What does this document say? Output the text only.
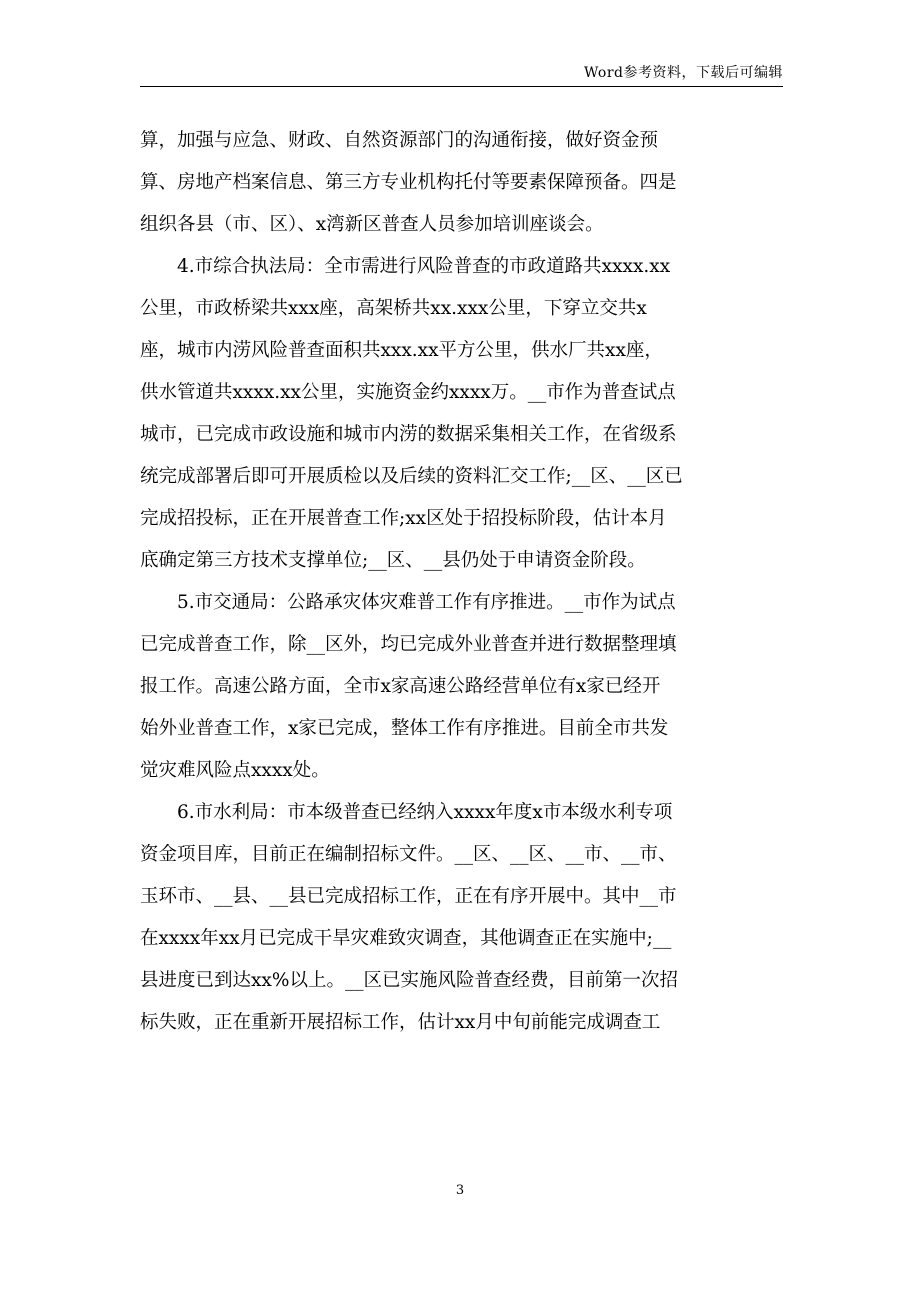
Word参考资料，下载后可编辑
算，加强与应急、财政、自然资源部门的沟通衔接，做好资金预
算、房地产档案信息、第三方专业机构托付等要素保障预备。四是
组织各县（市、区）、x湾新区普查人员参加培训座谈会。
4.市综合执法局：全市需进行风险普查的市政道路共xxxx.xx
公里，市政桥梁共xxx座，高架桥共xx.xxx公里，下穿立交共x
座，城市内涝风险普查面积共xxx.xx平方公里，供水厂共xx座，
供水管道共xxxx.xx公里，实施资金约xxxx万。__市作为普查试点
城市，已完成市政设施和城市内涝的数据采集相关工作，在省级系
统完成部署后即可开展质检以及后续的资料汇交工作;__区、__区已
完成招投标，正在开展普查工作;xx区处于招投标阶段，估计本月
底确定第三方技术支撑单位;__区、__县仍处于申请资金阶段。
5.市交通局：公路承灾体灾难普工作有序推进。__市作为试点
已完成普查工作，除__区外，均已完成外业普查并进行数据整理填
报工作。高速公路方面，全市x家高速公路经营单位有x家已经开
始外业普查工作，x家已完成，整体工作有序推进。目前全市共发
觉灾难风险点xxxx处。
6.市水利局：市本级普查已经纳入xxxx年度x市本级水利专项
资金项目库，目前正在编制招标文件。__区、__区、__市、__市、
玉环市、__县、__县已完成招标工作，正在有序开展中。其中__市
在xxxx年xx月已完成干旱灾难致灾调查，其他调查正在实施中;__
县进度已到达xx%以上。__区已实施风险普查经费，目前第一次招
标失败，正在重新开展招标工作，估计xx月中旬前能完成调查工
3
